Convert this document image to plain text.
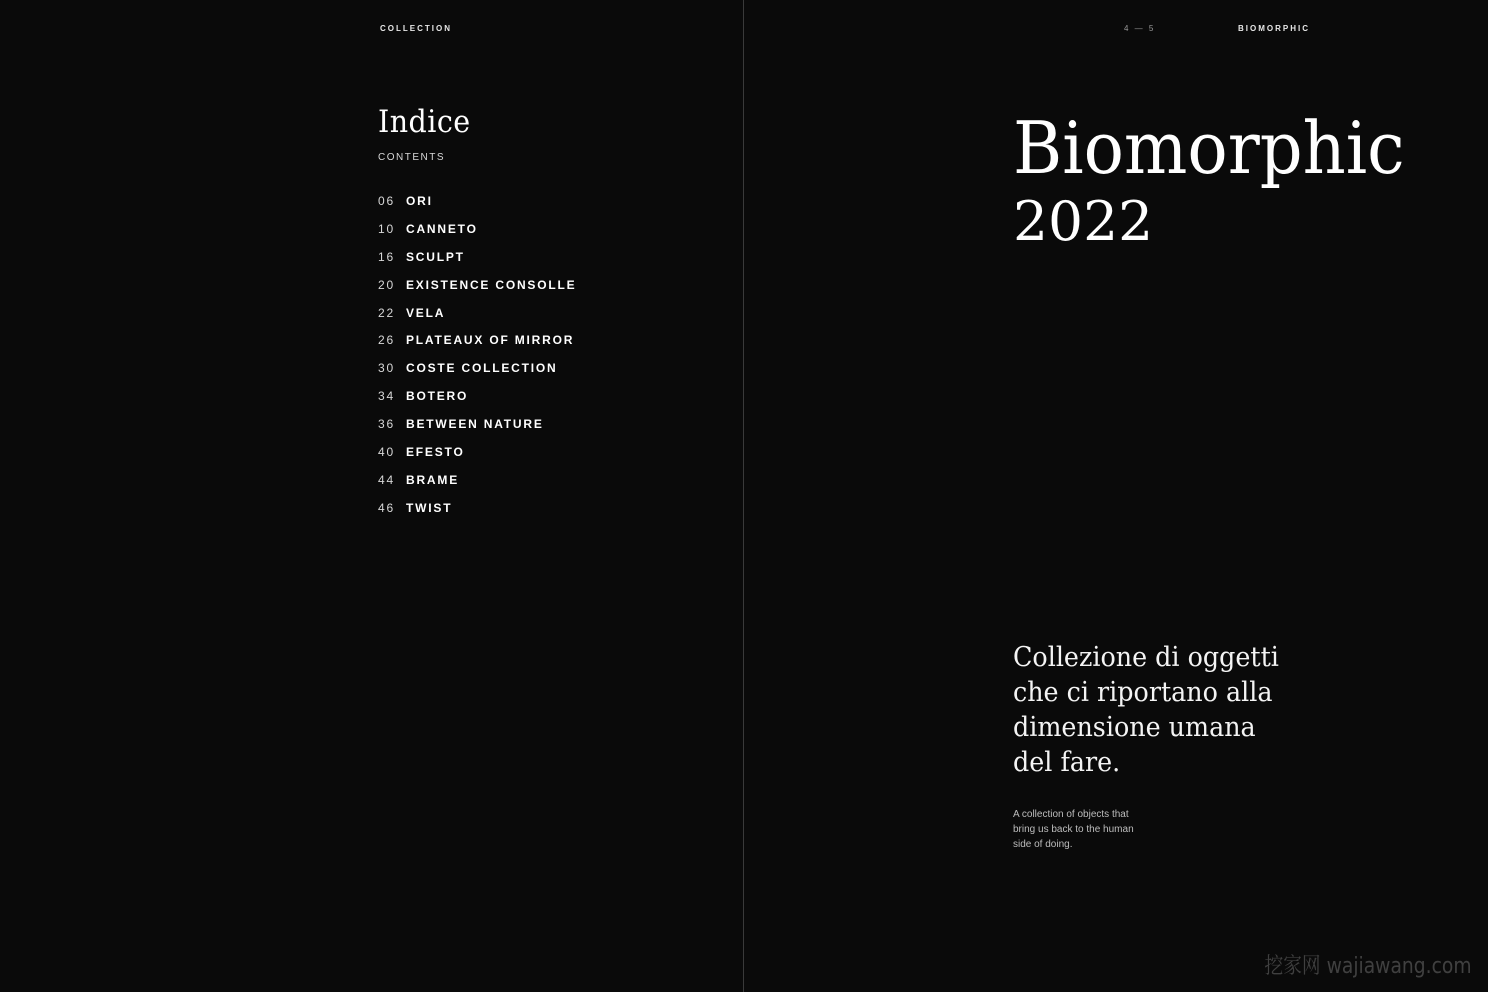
COLLECTION
Indice
CONTENTS
06 ORI
10 CANNETO
16 SCULPT
20 EXISTENCE CONSOLLE
22 VELA
26 PLATEAUX OF MIRROR
30 COSTE COLLECTION
34 BOTERO
36 BETWEEN NATURE
40 EFESTO
44 BRAME
46 TWIST
4 — 5	BIOMORPHIC
Biomorphic
2022
Collezione di oggetti
che ci riportano alla
dimensione umana
del fare.
A collection of objects that
bring us back to the human
side of doing.
挖家网 wajiawang.com
